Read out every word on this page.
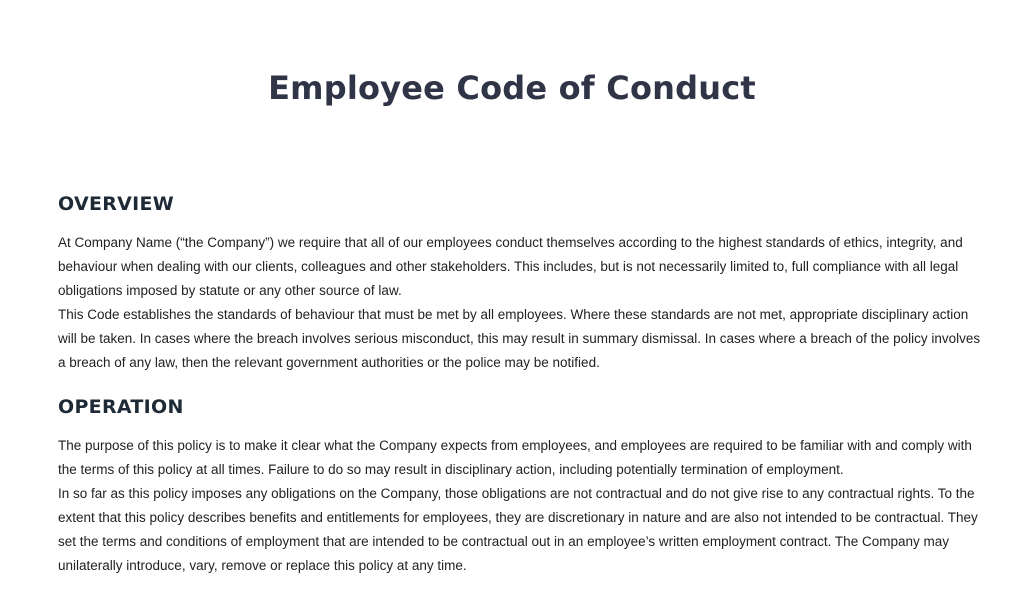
Employee Code of Conduct
OVERVIEW

At Company Name (“the Company”) we require that all of our employees conduct themselves according to the highest standards of ethics, integrity, and behaviour when dealing with our clients, colleagues and other stakeholders. This includes, but is not necessarily limited to, full compliance with all legal obligations imposed by statute or any other source of law.

This Code establishes the standards of behaviour that must be met by all employees. Where these standards are not met, appropriate disciplinary action will be taken. In cases where the breach involves serious misconduct, this may result in summary dismissal. In cases where a breach of the policy involves a breach of any law, then the relevant government authorities or the police may be notified.

OPERATION

The purpose of this policy is to make it clear what the Company expects from employees, and employees are required to be familiar with and comply with the terms of this policy at all times. Failure to do so may result in disciplinary action, including potentially termination of employment.

In so far as this policy imposes any obligations on the Company, those obligations are not contractual and do not give rise to any contractual rights. To the extent that this policy describes benefits and entitlements for employees, they are discretionary in nature and are also not intended to be contractual. They set the terms and conditions of employment that are intended to be contractual out in an employee’s written employment contract. The Company may unilaterally introduce, vary, remove or replace this policy at any time.
